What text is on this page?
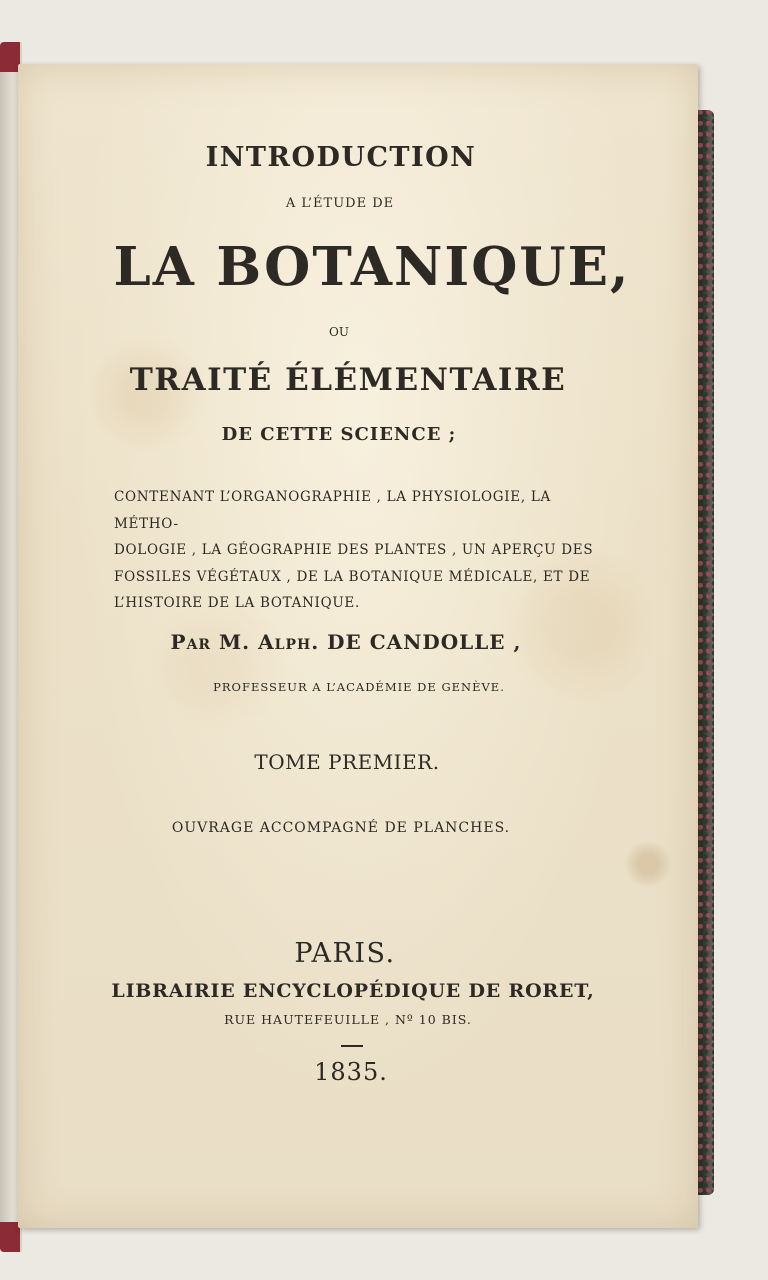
INTRODUCTION

A L’ÉTUDE DE

LA BOTANIQUE,

OU

TRAITÉ ÉLÉMENTAIRE

DE CETTE SCIENCE ;

CONTENANT L’ORGANOGRAPHIE , LA PHYSIOLOGIE, LA MÉTHO-
DOLOGIE , LA GÉOGRAPHIE DES PLANTES , UN APERÇU DES
FOSSILES VÉGÉTAUX , DE LA BOTANIQUE MÉDICALE, ET DE
L’HISTOIRE DE LA BOTANIQUE.

Par M. Alph. DE CANDOLLE ,

PROFESSEUR A L’ACADÉMIE DE GENÈVE.

TOME PREMIER.

OUVRAGE ACCOMPAGNÉ DE PLANCHES.

PARIS.

LIBRAIRIE ENCYCLOPÉDIQUE DE RORET,

RUE HAUTEFEUILLE , Nº 10 BIS.

1835.
